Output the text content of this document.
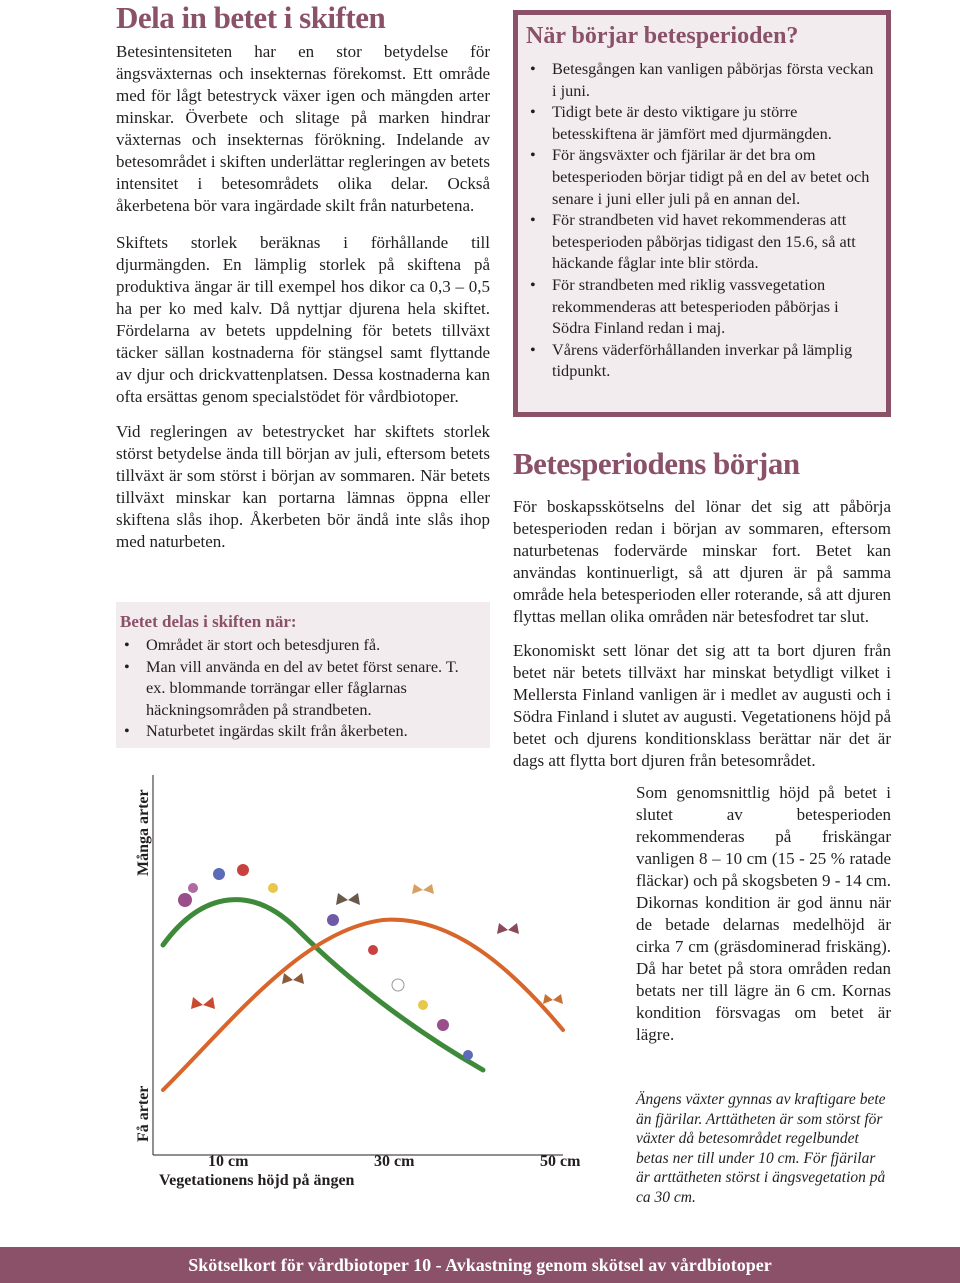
Dela in betet i skiften

Betesintensiteten har en stor betydelse för ängsväxternas och insekternas förekomst. Ett område med för lågt betestryck växer igen och mängden arter minskar. Överbete och slitage på marken hindrar växternas och insekternas förökning. Indelande av betesområdet i skiften underlättar regleringen av betets intensitet i betesområdets olika delar. Också åkerbetena bör vara ingärdade skilt från naturbetena.

Skiftets storlek beräknas i förhållande till djurmängden. En lämplig storlek på skiftena på produktiva ängar är till exempel hos dikor ca 0,3 – 0,5 ha per ko med kalv. Då nyttjar djurena hela skiftet. Fördelarna av betets uppdelning för betets tillväxt täcker sällan kostnaderna för stängsel samt flyttande av djur och drickvattenplatsen. Dessa kostnaderna kan ofta ersättas genom specialstödet för vårdbiotoper.

Vid regleringen av betestrycket har skiftets storlek störst betydelse ända till början av juli, eftersom betets tillväxt är som störst i början av sommaren. När betets tillväxt minskar kan portarna lämnas öppna eller skiftena slås ihop. Åkerbeten bör ändå inte slås ihop med naturbeten.

Betet delas i skiften när:
• Området är stort och betesdjuren få.
• Man vill använda en del av betet först senare. T. ex. blommande torrängar eller fåglarnas häckningsområden på strandbeten.
• Naturbetet ingärdas skilt från åkerbeten.
När börjar betesperioden?
• Betesgången kan vanligen påbörjas första veckan i juni.
• Tidigt bete är desto viktigare ju större betesskiftena är jämfört med djurmängden.
• För ängsväxter och fjärilar är det bra om betesperioden börjar tidigt på en del av betet och senare i juni eller juli på en annan del.
• För strandbeten vid havet rekommenderas att betesperioden påbörjas tidigast den 15.6, så att häckande fåglar inte blir störda.
• För strandbeten med riklig vassvegetation rekommenderas att betesperioden påbörjas i Södra Finland redan i maj.
• Vårens väderförhållanden inverkar på lämplig tidpunkt.
Betesperiodens början

För boskapsskötselns del lönar det sig att påbörja betesperioden redan i början av sommaren, eftersom naturbetenas fodervärde minskar fort. Betet kan användas kontinuerligt, så att djuren är på samma område hela betesperioden eller roterande, så att djuren flyttas mellan olika områden när betesfodret tar slut.

Ekonomiskt sett lönar det sig att ta bort djuren från betet när betets tillväxt har minskat betydligt vilket i Mellersta Finland vanligen är i medlet av augusti och i Södra Finland i slutet av augusti. Vegetationens höjd på betet och djurens konditionsklass berättar när det är dags att flytta bort djuren från betesområdet.

Som genomsnittlig höjd på betet i slutet av betesperioden rekommenderas på friskängar vanligen 8 – 10 cm (15 - 25 % ratade fläckar) och på skogsbeten 9 - 14 cm. Dikornas kondition är god ännu när de betade delarnas medelhöjd är cirka 7 cm (gräsdominerad friskäng). Då har betet på stora områden redan betats ner till lägre än 6 cm. Kornas kondition försvagas om betet är lägre.

Många arter
Få arter
10 cm	30 cm	50 cm
Vegetationens höjd på ängen

Ängens växter gynnas av kraftigare bete än fjärilar. Arttätheten är som störst för växter då betesområdet regelbundet betas ner till under 10 cm. För fjärilar är arttätheten störst i ängsvegetation på ca 30 cm.

Skötselkort för vårdbiotoper 10 - Avkastning genom skötsel av vårdbiotoper
